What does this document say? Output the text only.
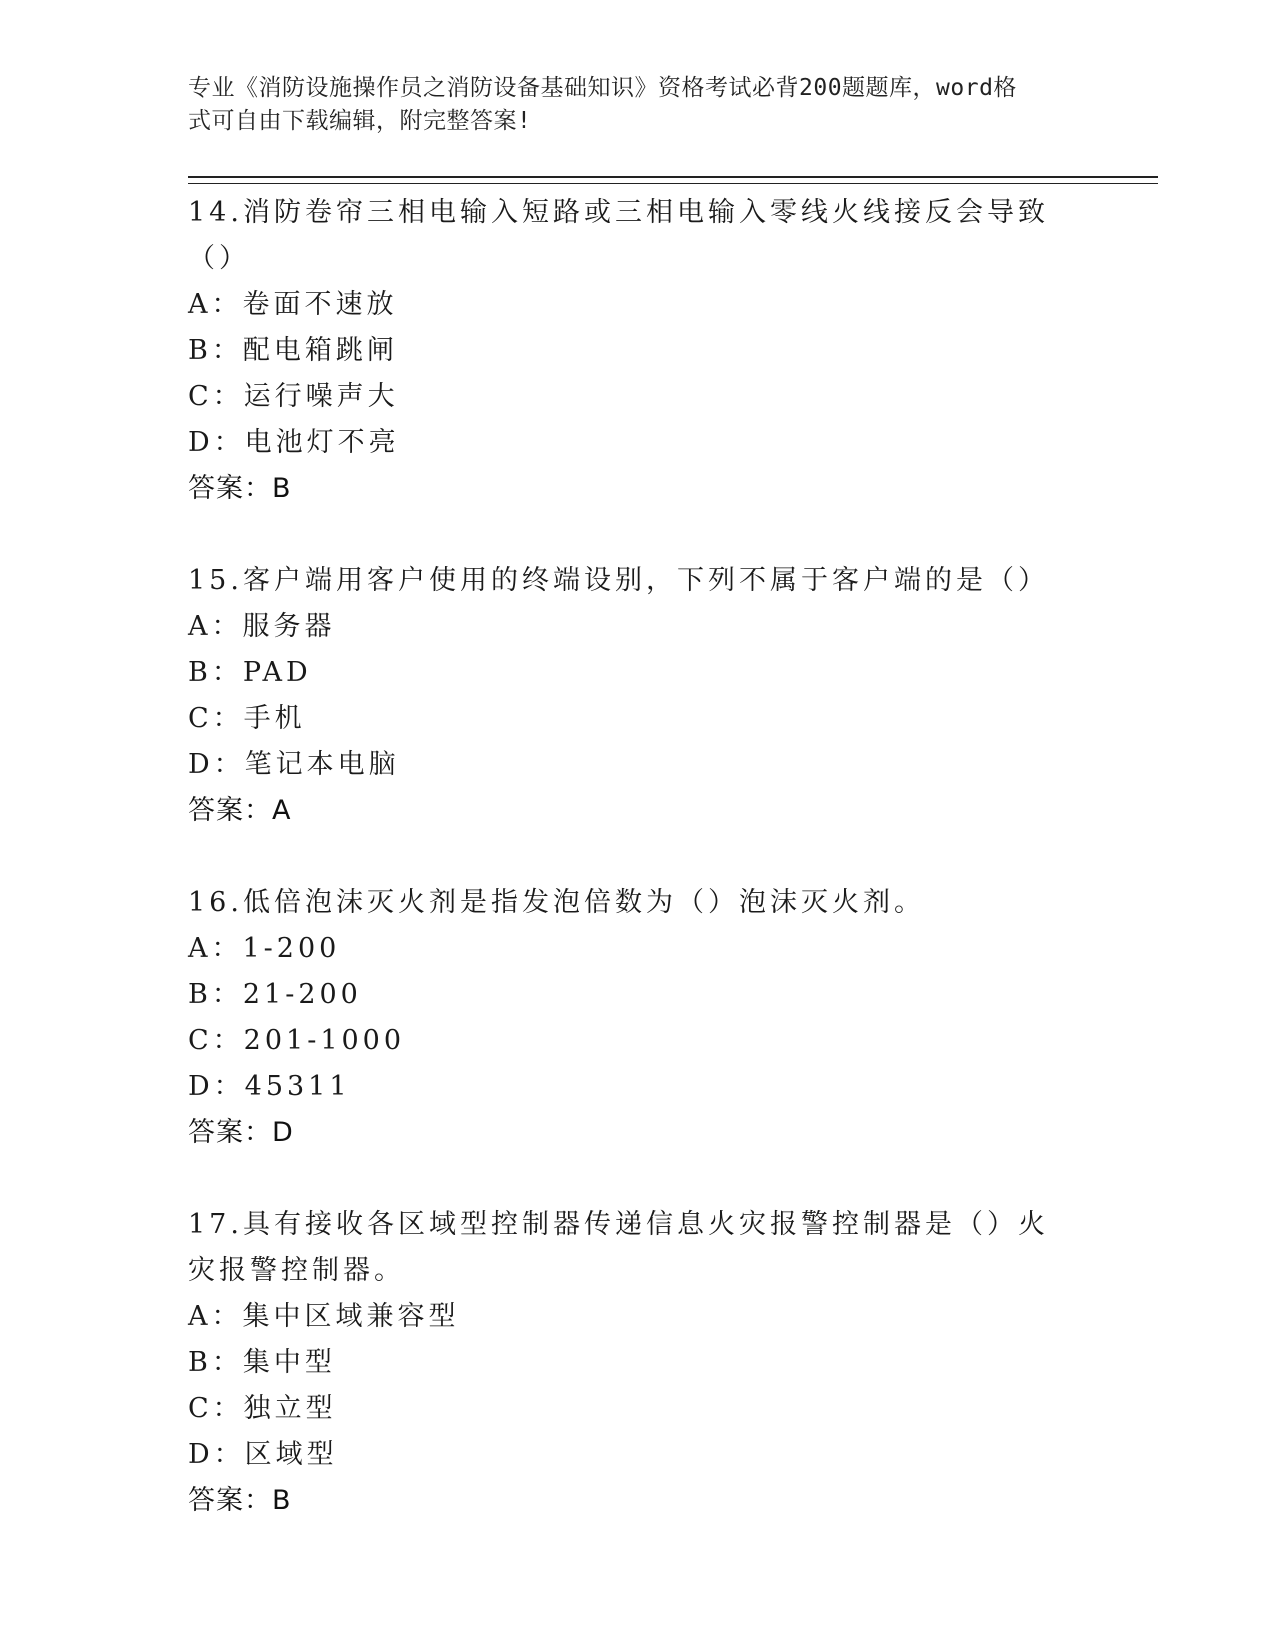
专业《消防设施操作员之消防设备基础知识》资格考试必背200题题库，word格
式可自由下载编辑，附完整答案!
14.消防卷帘三相电输入短路或三相电输入零线火线接反会导致（）
A：卷面不速放
B：配电箱跳闸
C：运行噪声大
D：电池灯不亮
答案：B
15.客户端用客户使用的终端设别，下列不属于客户端的是（）
A：服务器
B：PAD
C：手机
D：笔记本电脑
答案：A
16.低倍泡沫灭火剂是指发泡倍数为（）泡沫灭火剂。
A：1-200
B：21-200
C：201-1000
D：45311
答案：D
17.具有接收各区域型控制器传递信息火灾报警控制器是（）火灾报警控制器。
A：集中区域兼容型
B：集中型
C：独立型
D：区域型
答案：B
